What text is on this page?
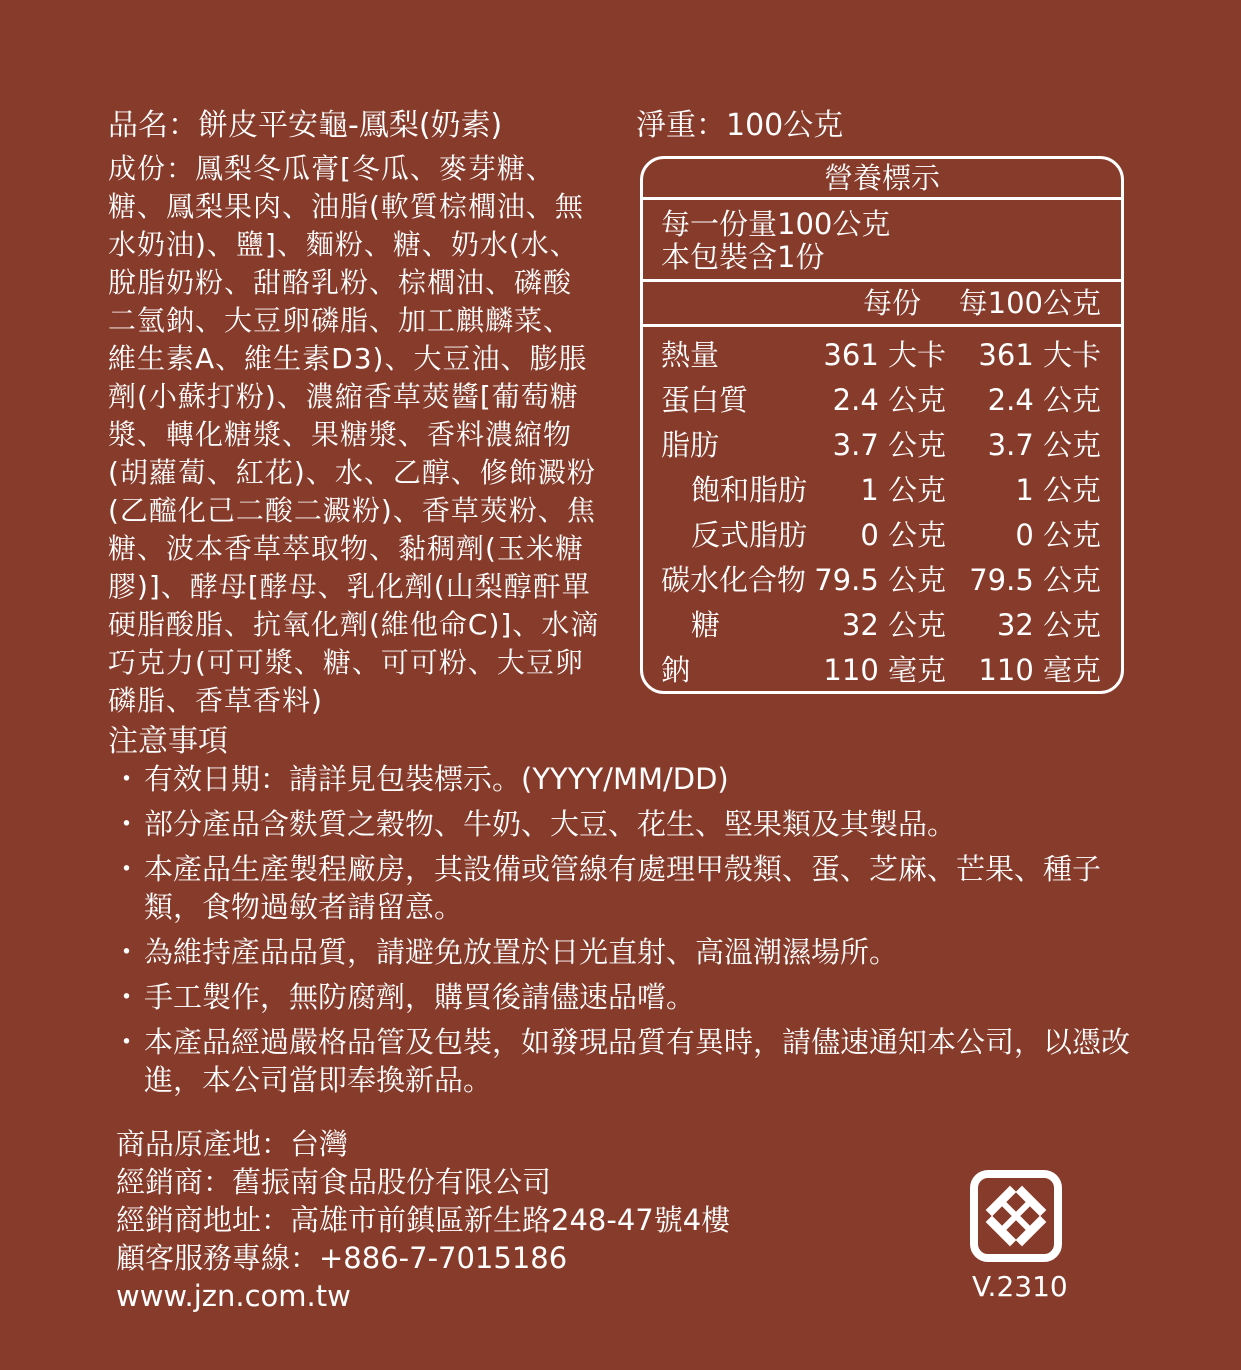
品名：餅皮平安龜-鳳梨(奶素)	淨重：100公克
成份：鳳梨冬瓜膏[冬瓜、麥芽糖、
糖、鳳梨果肉、油脂(軟質棕櫚油、無
水奶油)、鹽]、麵粉、糖、奶水(水、
脫脂奶粉、甜酪乳粉、棕櫚油、磷酸
二氫鈉、大豆卵磷脂、加工麒麟菜、
維生素A、維生素D3)、大豆油、膨脹
劑(小蘇打粉)、濃縮香草莢醬[葡萄糖
漿、轉化糖漿、果糖漿、香料濃縮物
(胡蘿蔔、紅花)、水、乙醇、修飾澱粉
(乙醯化己二酸二澱粉)、香草莢粉、焦
糖、波本香草萃取物、黏稠劑(玉米糖
膠)]、酵母[酵母、乳化劑(山梨醇酐單
硬脂酸脂、抗氧化劑(維他命C)]、水滴
巧克力(可可漿、糖、可可粉、大豆卵
磷脂、香草香料)
營養標示
每一份量100公克
本包裝含1份
每份 每100公克
熱量	361 大卡 361 大卡
蛋白質	2.4 公克 2.4 公克
脂肪	3.7 公克 3.7 公克
飽和脂肪 1 公克 1 公克
反式脂肪 0 公克 0 公克
碳水化合物 79.5 公克 79.5 公克
糖	32 公克 32 公克
鈉	110 毫克 110 毫克
注意事項
・ 有效日期：請詳見包裝標示。(YYYY/MM/DD)
・ 部分產品含麩質之穀物、牛奶、大豆、花生、堅果類及其製品。
・ 本產品生產製程廠房，其設備或管線有處理甲殼類、蛋、芝麻、芒果、種子類，食物過敏者請留意。
・ 為維持產品品質，請避免放置於日光直射、高溫潮濕場所。
・ 手工製作，無防腐劑，購買後請儘速品嚐。
・ 本產品經過嚴格品管及包裝，如發現品質有異時，請儘速通知本公司，以憑改進，本公司當即奉換新品。
商品原產地：台灣
經銷商：舊振南食品股份有限公司
經銷商地址：高雄市前鎮區新生路248-47號4樓
顧客服務專線：+886-7-7015186
www.jzn.com.tw	V.2310
